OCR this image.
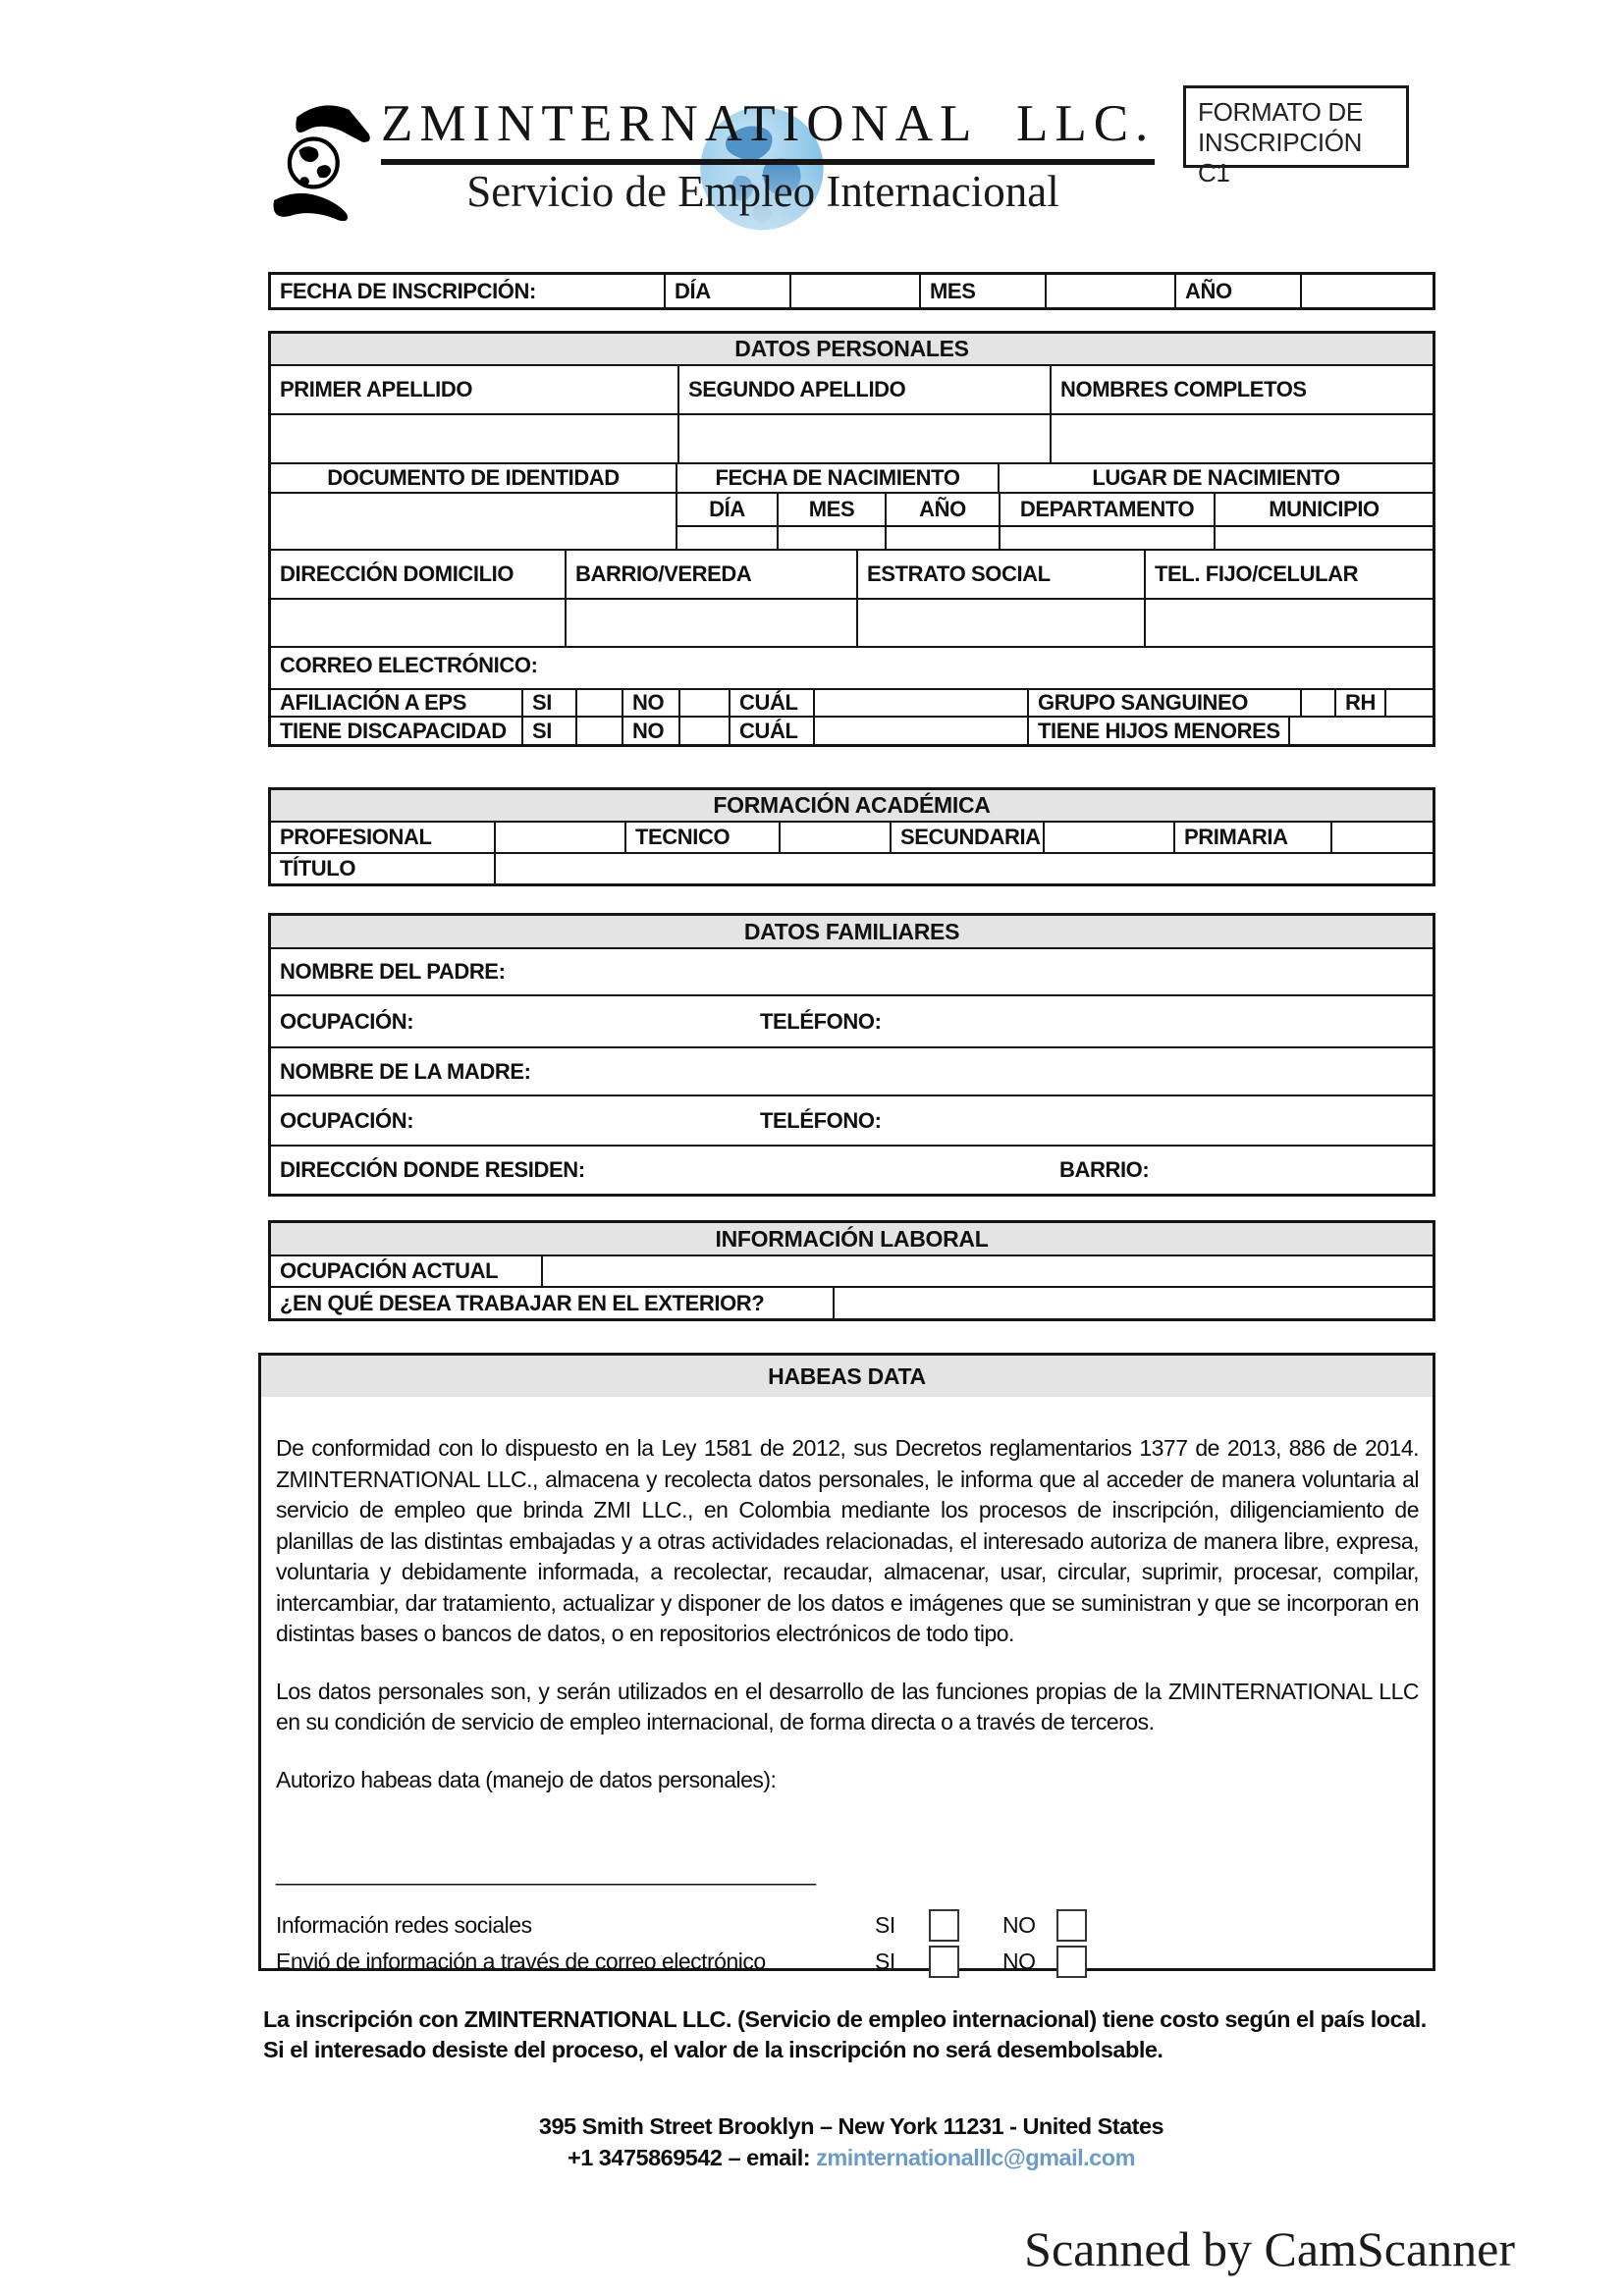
ZMINTERNATIONAL  LLC.
Servicio de Empleo Internacional
FORMATO DE
INSCRIPCIÓN C1
FECHA DE INSCRIPCIÓN:	DÍA	MES	AÑO
DATOS PERSONALES
PRIMER APELLIDO	SEGUNDO APELLIDO	NOMBRES COMPLETOS
DOCUMENTO DE IDENTIDAD	FECHA DE NACIMIENTO	LUGAR DE NACIMIENTO
DÍA	MES	AÑO	DEPARTAMENTO	MUNICIPIO
DIRECCIÓN DOMICILIO	BARRIO/VEREDA	ESTRATO SOCIAL	TEL. FIJO/CELULAR
CORREO ELECTRÓNICO:
AFILIACIÓN A EPS	SI	NO	CUÁL	GRUPO SANGUINEO	RH
TIENE DISCAPACIDAD	SI	NO	CUÁL	TIENE HIJOS MENORES
FORMACIÓN ACADÉMICA
PROFESIONAL	TECNICO	SECUNDARIA	PRIMARIA
TÍTULO
DATOS FAMILIARES
NOMBRE DEL PADRE:
OCUPACIÓN:	TELÉFONO:
NOMBRE DE LA MADRE:
OCUPACIÓN:	TELÉFONO:
DIRECCIÓN DONDE RESIDEN:	BARRIO:
INFORMACIÓN LABORAL
OCUPACIÓN ACTUAL
¿EN QUÉ DESEA TRABAJAR EN EL EXTERIOR?
HABEAS DATA

De conformidad con lo dispuesto en la Ley 1581 de 2012, sus Decretos reglamentarios 1377 de 2013, 886 de 2014. ZMINTERNATIONAL LLC., almacena y recolecta datos personales, le informa que al acceder de manera voluntaria al servicio de empleo que brinda ZMI LLC., en Colombia mediante los procesos de inscripción, diligenciamiento de planillas de las distintas embajadas y a otras actividades relacionadas, el interesado autoriza de manera libre, expresa, voluntaria y debidamente informada, a recolectar, recaudar, almacenar, usar, circular, suprimir, procesar, compilar, intercambiar, dar tratamiento, actualizar y disponer de los datos e imágenes que se suministran y que se incorporan en distintas bases o bancos de datos, o en repositorios electrónicos de todo tipo.

Los datos personales son, y serán utilizados en el desarrollo de las funciones propias de la ZMINTERNATIONAL LLC en su condición de servicio de empleo internacional, de forma directa o a través de terceros.

Autorizo habeas data (manejo de datos personales):

___________________________________________
Información redes sociales	SI	NO
Envió de información a través de correo electrónico	SI	NO
La inscripción con ZMINTERNATIONAL LLC. (Servicio de empleo internacional) tiene costo según el país local. Si el interesado desiste del proceso, el valor de la inscripción no será desembolsable.
395 Smith Street Brooklyn – New York 11231 - United States
+1 3475869542 – email: zminternationalllc@gmail.com
Scanned by CamScanner
